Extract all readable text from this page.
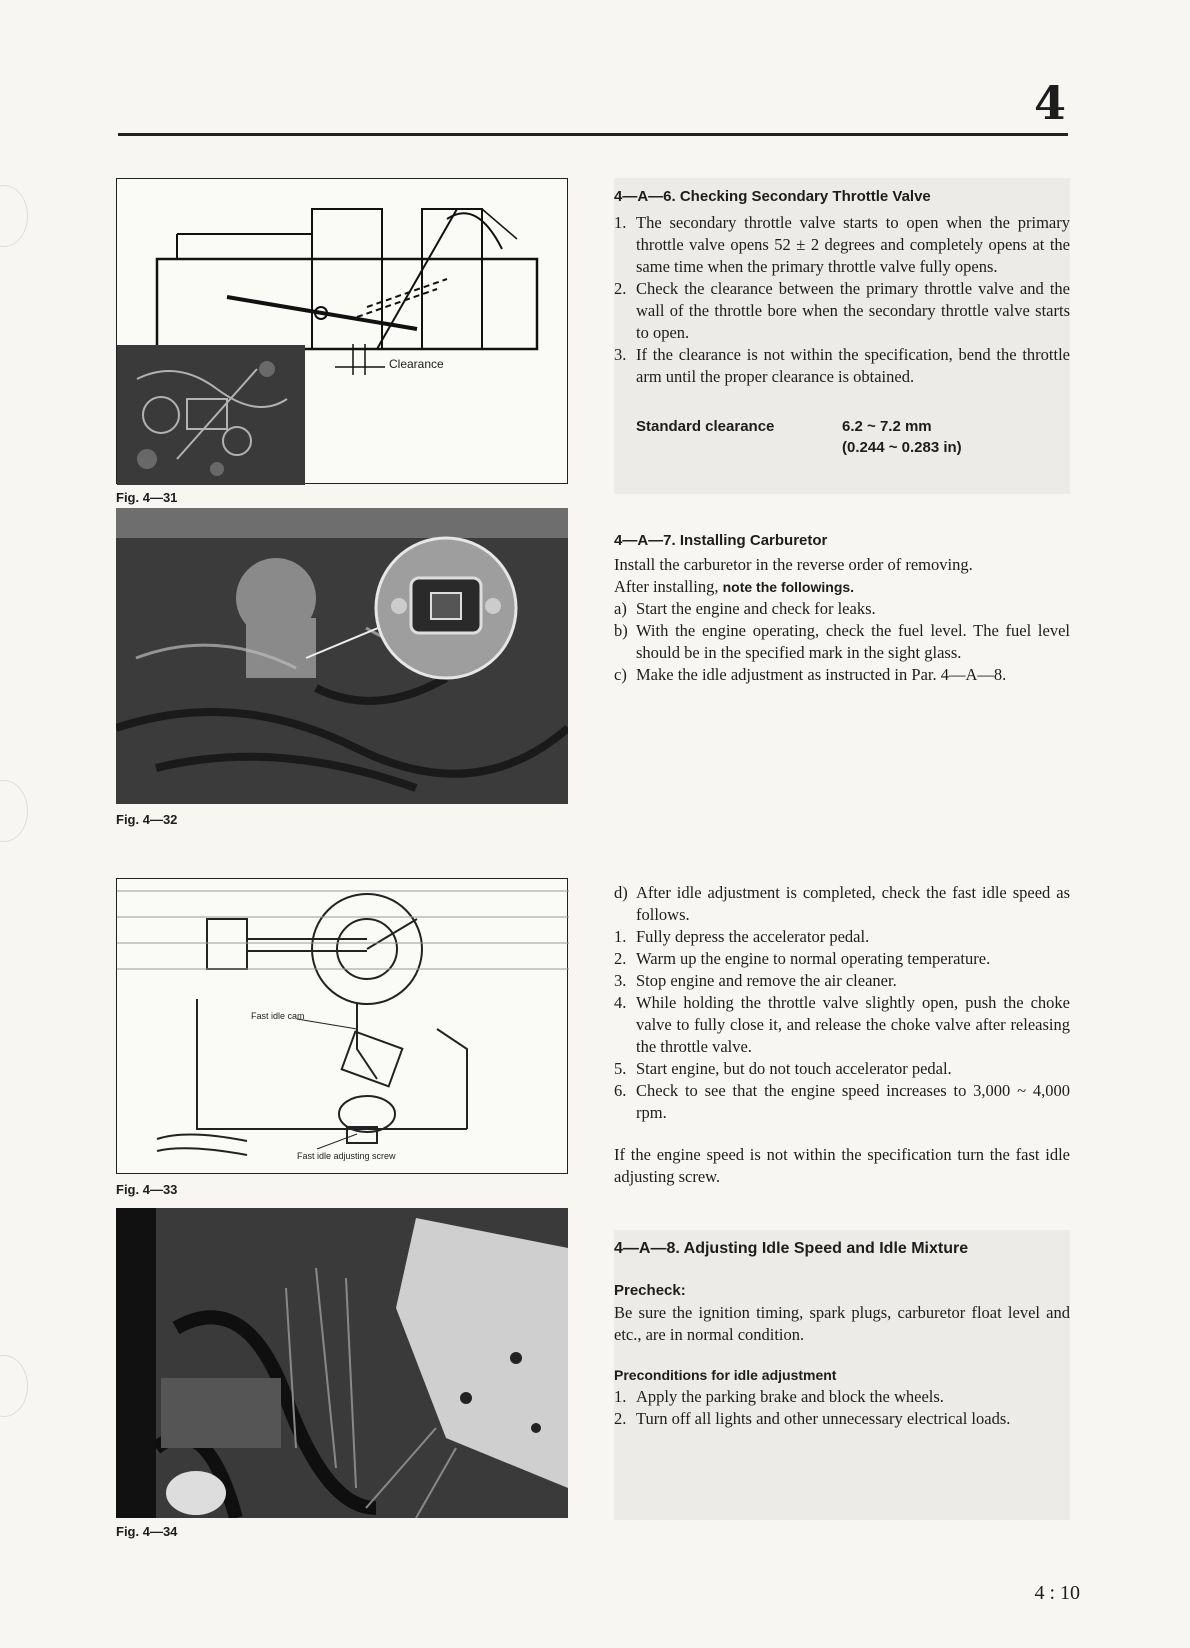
4
Clearance
Fig. 4—31
Fig. 4—32
Fast idle cam
Fast idle adjusting screw
Fig. 4—33
Fig. 4—34
4—A—6. Checking Secondary Throttle Valve
1. The secondary throttle valve starts to open when the primary throttle valve opens 52 ± 2 degrees and completely opens at the same time when the primary throttle valve fully opens.
2. Check the clearance between the primary throttle valve and the wall of the throttle bore when the secondary throttle valve starts to open.
3. If the clearance is not within the specification, bend the throttle arm until the proper clearance is obtained.
Standard clearance	6.2 ~ 7.2 mm
(0.244 ~ 0.283 in)
4—A—7. Installing Carburetor
Install the carburetor in the reverse order of removing.
After installing, note the followings.
a) Start the engine and check for leaks.
b) With the engine operating, check the fuel level. The fuel level should be in the specified mark in the sight glass.
c) Make the idle adjustment as instructed in Par. 4—A—8.
d) After idle adjustment is completed, check the fast idle speed as follows.
1. Fully depress the accelerator pedal.
2. Warm up the engine to normal operating temperature.
3. Stop engine and remove the air cleaner.
4. While holding the throttle valve slightly open, push the choke valve to fully close it, and release the choke valve after releasing the throttle valve.
5. Start engine, but do not touch accelerator pedal.
6. Check to see that the engine speed increases to 3,000 ~ 4,000 rpm.
If the engine speed is not within the specification turn the fast idle adjusting screw.
4—A—8. Adjusting Idle Speed and Idle Mixture
Precheck:
Be sure the ignition timing, spark plugs, carburetor float level and etc., are in normal condition.
Preconditions for idle adjustment
1. Apply the parking brake and block the wheels.
2. Turn off all lights and other unnecessary electrical loads.
4 : 10
